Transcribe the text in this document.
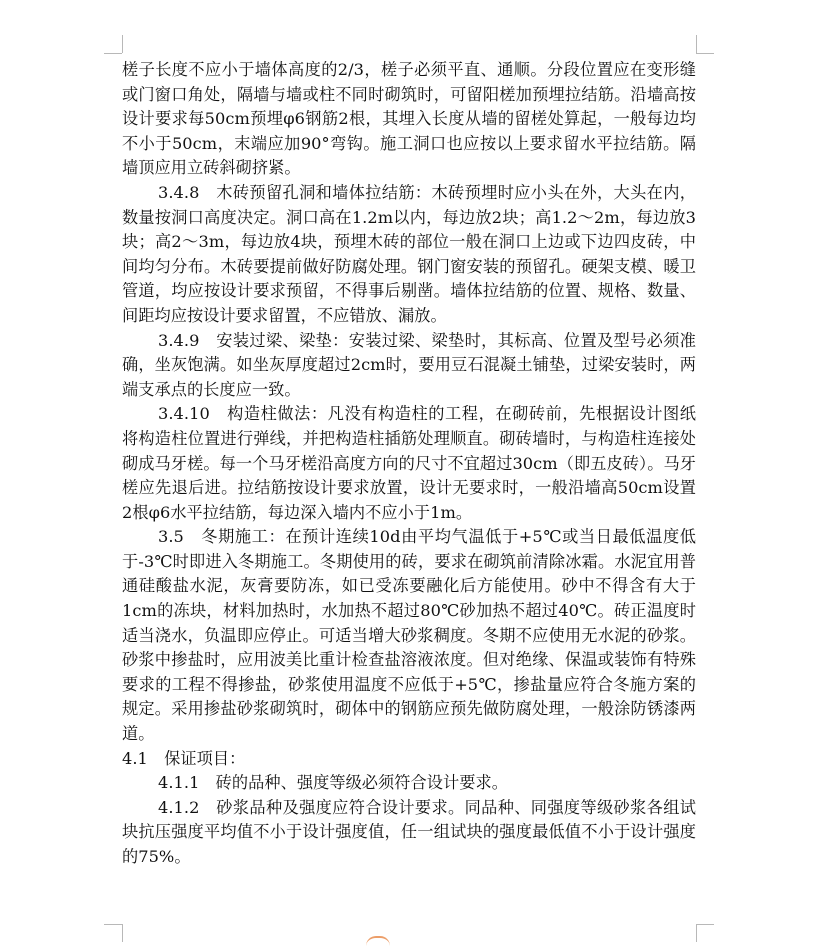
槎子长度不应小于墙体高度的2/3，槎子必须平直、通顺。分段位置应在变形缝或门窗口角处，隔墙与墙或柱不同时砌筑时，可留阳槎加预埋拉结筋。沿墙高按设计要求每50cm预埋φ6钢筋2根，其埋入长度从墙的留槎处算起，一般每边均不小于50cm，末端应加90°弯钩。施工洞口也应按以上要求留水平拉结筋。隔墙顶应用立砖斜砌挤紧。

3.4.8　木砖预留孔洞和墙体拉结筋：木砖预埋时应小头在外，大头在内，数量按洞口高度决定。洞口高在1.2m以内，每边放2块；高1.2～2m，每边放3块；高2～3m，每边放4块，预埋木砖的部位一般在洞口上边或下边四皮砖，中间均匀分布。木砖要提前做好防腐处理。钢门窗安装的预留孔。硬架支模、暖卫管道，均应按设计要求预留，不得事后剔凿。墙体拉结筋的位置、规格、数量、间距均应按设计要求留置，不应错放、漏放。

3.4.9　安装过梁、梁垫：安装过梁、梁垫时，其标高、位置及型号必须准确，坐灰饱满。如坐灰厚度超过2cm时，要用豆石混凝土铺垫，过梁安装时，两端支承点的长度应一致。

3.4.10　构造柱做法：凡没有构造柱的工程，在砌砖前，先根据设计图纸将构造柱位置进行弹线，并把构造柱插筋处理顺直。砌砖墙时，与构造柱连接处砌成马牙槎。每一个马牙槎沿高度方向的尺寸不宜超过30cm（即五皮砖）。马牙槎应先退后进。拉结筋按设计要求放置，设计无要求时，一般沿墙高50cm设置2根φ6水平拉结筋，每边深入墙内不应小于1m。

3.5　冬期施工：在预计连续10d由平均气温低于+5℃或当日最低温度低于-3℃时即进入冬期施工。冬期使用的砖，要求在砌筑前清除冰霜。水泥宜用普通硅酸盐水泥，灰膏要防冻，如已受冻要融化后方能使用。砂中不得含有大于1cm的冻块，材料加热时，水加热不超过80℃砂加热不超过40℃。砖正温度时适当浇水，负温即应停止。可适当增大砂浆稠度。冬期不应使用无水泥的砂浆。砂浆中掺盐时，应用波美比重计检查盐溶液浓度。但对绝缘、保温或装饰有特殊要求的工程不得掺盐，砂浆使用温度不应低于+5℃，掺盐量应符合冬施方案的规定。采用掺盐砂浆砌筑时，砌体中的钢筋应预先做防腐处理，一般涂防锈漆两道。

4.1　保证项目：

4.1.1　砖的品种、强度等级必须符合设计要求。

4.1.2　砂浆品种及强度应符合设计要求。同品种、同强度等级砂浆各组试块抗压强度平均值不小于设计强度值，任一组试块的强度最低值不小于设计强度的75%。
